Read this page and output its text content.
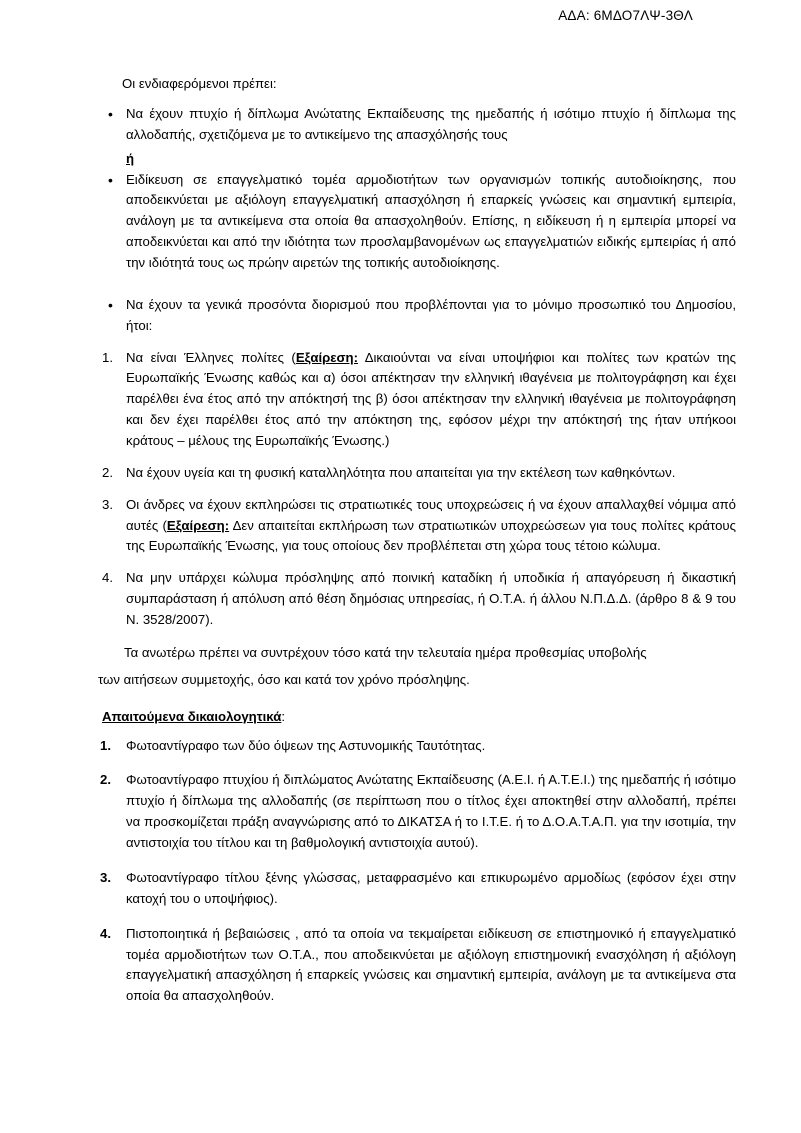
ΑΔΑ: 6ΜΔΟ7ΛΨ-3ΘΛ

Οι ενδιαφερόμενοι πρέπει:

• Να έχουν πτυχίο ή δίπλωμα Ανώτατης Εκπαίδευσης της ημεδαπής ή ισότιμο πτυχίο ή δίπλωμα της αλλοδαπής, σχετιζόμενα με το αντικείμενο της απασχόλησής τους
ή
• Ειδίκευση σε επαγγελματικό τομέα αρμοδιοτήτων των οργανισμών τοπικής αυτοδιοίκησης, που αποδεικνύεται με αξιόλογη επαγγελματική απασχόληση ή επαρκείς γνώσεις και σημαντική εμπειρία, ανάλογη με τα αντικείμενα στα οποία θα απασχοληθούν. Επίσης, η ειδίκευση ή η εμπειρία μπορεί να αποδεικνύεται και από την ιδιότητα των προσλαμβανομένων ως επαγγελματιών ειδικής εμπειρίας ή από την ιδιότητά τους ως πρώην αιρετών της τοπικής αυτοδιοίκησης.
• Να έχουν τα γενικά προσόντα διορισμού που προβλέπονται για το μόνιμο προσωπικό του Δημοσίου, ήτοι:
Να είναι Έλληνες πολίτες (Εξαίρεση: Δικαιούνται να είναι υποψήφιοι και πολίτες των κρατών της Ευρωπαϊκής Ένωσης καθώς και α) όσοι απέκτησαν την ελληνική ιθαγένεια με πολιτογράφηση και έχει παρέλθει ένα έτος από την απόκτησή της β) όσοι απέκτησαν την ελληνική ιθαγένεια με πολιτογράφηση και δεν έχει παρέλθει έτος από την απόκτηση της, εφόσον μέχρι την απόκτησή της ήταν υπήκοοι κράτους – μέλους της Ευρωπαϊκής Ένωσης.)
Να έχουν υγεία και τη φυσική καταλληλότητα που απαιτείται για την εκτέλεση των καθηκόντων.
Οι άνδρες να έχουν εκπληρώσει τις στρατιωτικές τους υποχρεώσεις ή να έχουν απαλλαχθεί νόμιμα από αυτές (Εξαίρεση: Δεν απαιτείται εκπλήρωση των στρατιωτικών υποχρεώσεων για τους πολίτες κράτους της Ευρωπαϊκής Ένωσης, για τους οποίους δεν προβλέπεται στη χώρα τους τέτοιο κώλυμα.
Να μην υπάρχει κώλυμα πρόσληψης από ποινική καταδίκη ή υποδικία ή απαγόρευση ή δικαστική συμπαράσταση ή απόλυση από θέση δημόσιας υπηρεσίας, ή Ο.Τ.Α. ή άλλου Ν.Π.Δ.Δ. (άρθρο 8 & 9 του Ν. 3528/2007).

Τα ανωτέρω πρέπει να συντρέχουν τόσο κατά την τελευταία ημέρα προθεσμίας υποβολής

των αιτήσεων συμμετοχής, όσο και κατά τον χρόνο πρόσληψης.

Απαιτούμενα δικαιολογητικά:
Φωτοαντίγραφο των δύο όψεων της Αστυνομικής Ταυτότητας.
Φωτοαντίγραφο πτυχίου ή διπλώματος Ανώτατης Εκπαίδευσης (Α.Ε.Ι. ή Α.Τ.Ε.Ι.) της ημεδαπής ή ισότιμο πτυχίο ή δίπλωμα της αλλοδαπής (σε περίπτωση που ο τίτλος έχει αποκτηθεί στην αλλοδαπή, πρέπει να προσκομίζεται πράξη αναγνώρισης από το ΔΙΚΑΤΣΑ ή το Ι.Τ.Ε. ή το Δ.Ο.Α.Τ.Α.Π. για την ισοτιμία, την αντιστοιχία του τίτλου και τη βαθμολογική αντιστοιχία αυτού).
Φωτοαντίγραφο τίτλου ξένης γλώσσας, μεταφρασμένο και επικυρωμένο αρμοδίως (εφόσον έχει στην κατοχή του ο υποψήφιος).
Πιστοποιητικά ή βεβαιώσεις , από τα οποία να τεκμαίρεται ειδίκευση σε επιστημονικό ή επαγγελματικό τομέα αρμοδιοτήτων των Ο.Τ.Α., που αποδεικνύεται με αξιόλογη επιστημονική ενασχόληση ή αξιόλογη επαγγελματική απασχόληση ή επαρκείς γνώσεις και σημαντική εμπειρία, ανάλογη με τα αντικείμενα στα οποία θα απασχοληθούν.
